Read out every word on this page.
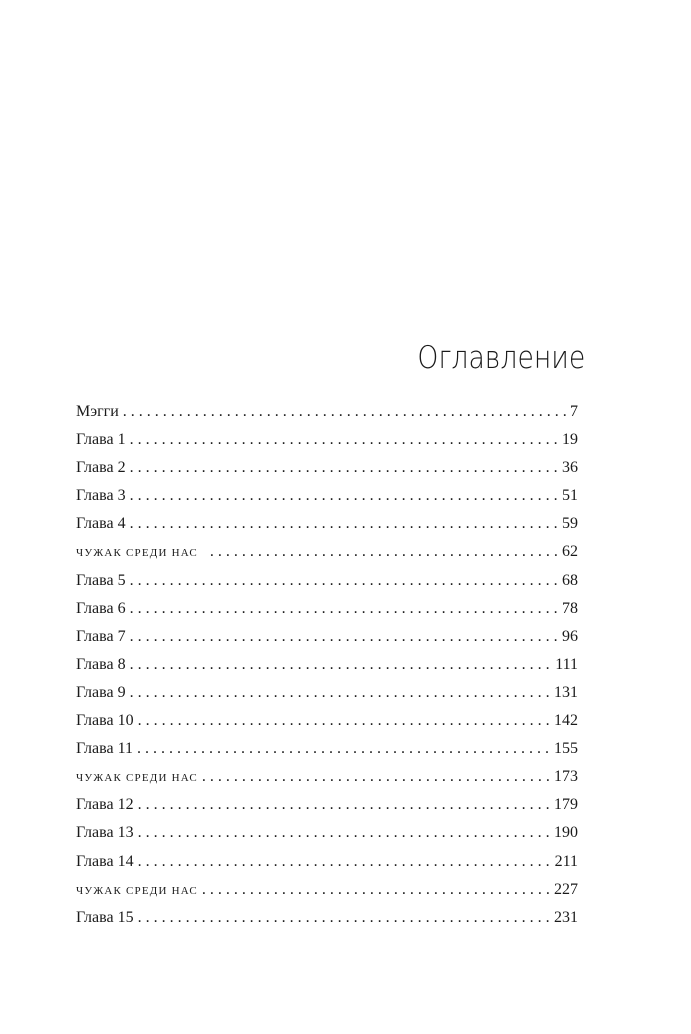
Оглавление
Мэгги . . .	7
Глава 1 . . .	19
Глава 2 . . .	36
Глава 3 . . .	51
Глава 4 . . .	59
ЧУЖАК СРЕДИ НАС . . .	62
Глава 5 . . .	68
Глава 6 . . .	78
Глава 7 . . .	96
Глава 8 . . .	111
Глава 9 . . .	131
Глава 10 . . .	142
Глава 11 . . .	155
ЧУЖАК СРЕДИ НАС . . .	173
Глава 12 . . .	179
Глава 13 . . .	190
Глава 14 . . .	211
ЧУЖАК СРЕДИ НАС . . .	227
Глава 15 . . .	231
